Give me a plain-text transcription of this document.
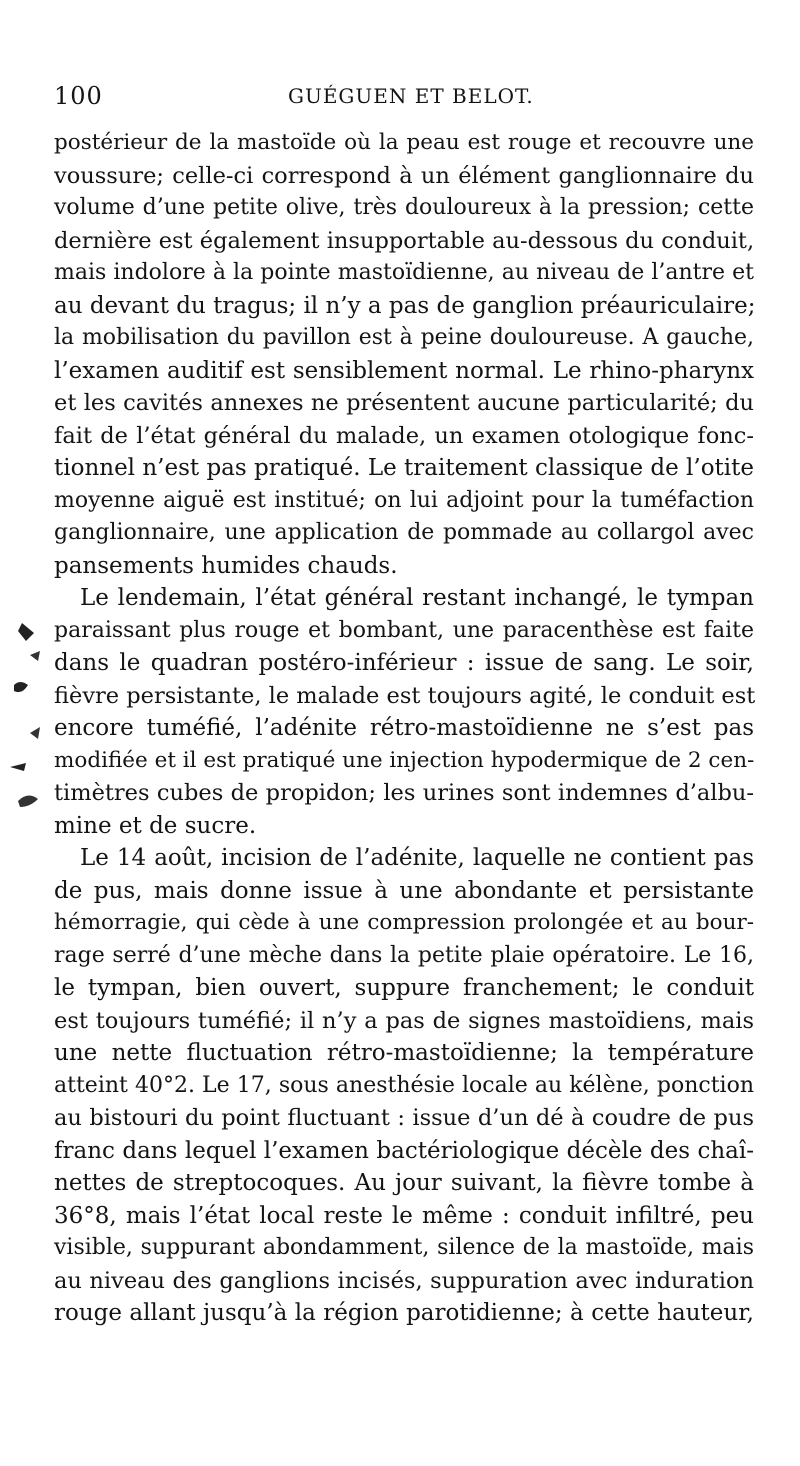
100	GUÉGUEN ET BELOT.
postérieur de la mastoïde où la peau est rouge et recouvre une
voussure; celle-ci correspond à un élément ganglionnaire du
volume d’une petite olive, très douloureux à la pression; cette
dernière est également insupportable au-dessous du conduit,
mais indolore à la pointe mastoïdienne, au niveau de l’antre et
au devant du tragus; il n’y a pas de ganglion préauriculaire;
la mobilisation du pavillon est à peine douloureuse. A gauche,
l’examen auditif est sensiblement normal. Le rhino-pharynx
et les cavités annexes ne présentent aucune particularité; du
fait de l’état général du malade, un examen otologique fonc-
tionnel n’est pas pratiqué. Le traitement classique de l’otite
moyenne aiguë est institué; on lui adjoint pour la tuméfaction
ganglionnaire, une application de pommade au collargol avec
pansements humides chauds.
Le lendemain, l’état général restant inchangé, le tympan
paraissant plus rouge et bombant, une paracenthèse est faite
dans le quadran postéro-inférieur : issue de sang. Le soir,
fièvre persistante, le malade est toujours agité, le conduit est
encore tuméfié, l’adénite rétro-mastoïdienne ne s’est pas
modifiée et il est pratiqué une injection hypodermique de 2 cen-
timètres cubes de propidon; les urines sont indemnes d’albu-
mine et de sucre.
Le 14 août, incision de l’adénite, laquelle ne contient pas
de pus, mais donne issue à une abondante et persistante
hémorragie, qui cède à une compression prolongée et au bour-
rage serré d’une mèche dans la petite plaie opératoire. Le 16,
le tympan, bien ouvert, suppure franchement; le conduit
est toujours tuméfié; il n’y a pas de signes mastoïdiens, mais
une nette fluctuation rétro-mastoïdienne; la température
atteint 40°2. Le 17, sous anesthésie locale au kélène, ponction
au bistouri du point fluctuant : issue d’un dé à coudre de pus
franc dans lequel l’examen bactériologique décèle des chaî-
nettes de streptocoques. Au jour suivant, la fièvre tombe à
36°8, mais l’état local reste le même : conduit infiltré, peu
visible, suppurant abondamment, silence de la mastoïde, mais
au niveau des ganglions incisés, suppuration avec induration
rouge allant jusqu’à la région parotidienne; à cette hauteur,
